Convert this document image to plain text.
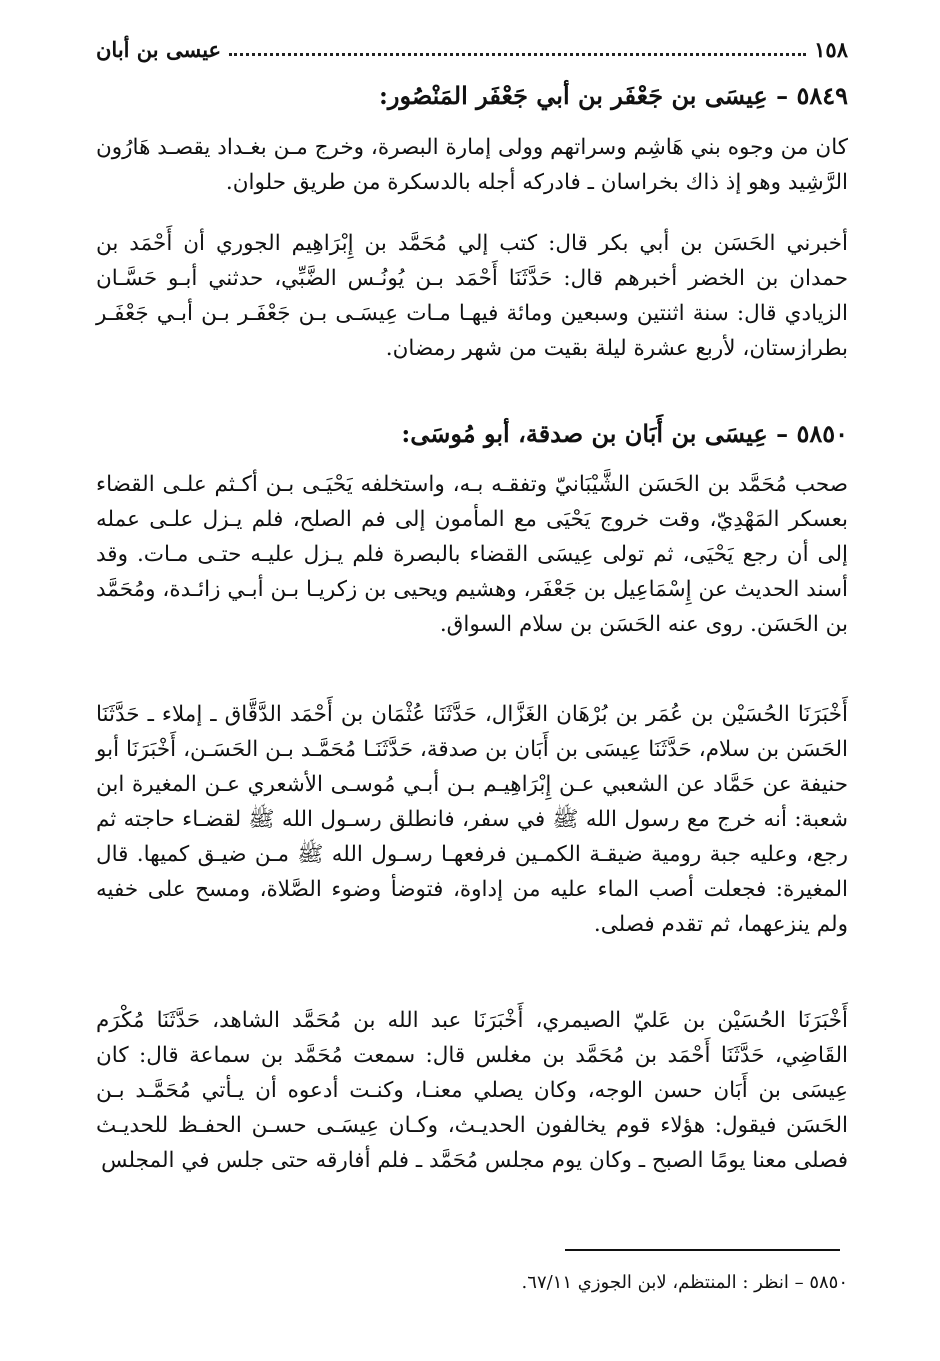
١٥٨
عيسى بن أبان
٥٨٤٩ – عِيسَى بن جَعْفَر بن أبي جَعْفَر المَنْصُور:

كان من وجوه بني هَاشِم وسراتهم وولى إمارة البصرة، وخرج مـن بغـداد يقصـد هَارُون الرَّشِيد وهو إذ ذاك بخراسان ـ فادركه أجله بالدسكرة من طريق حلوان.

أخبرني الحَسَن بن أبي بكر قال: كتب إلي مُحَمَّد بن إِبْرَاهِيم الجوري أن أَحْمَد بن حمدان بن الخضر أخبرهم قال: حَدَّثَنَا أَحْمَد بـن يُونُـس الضَّبِّي، حدثني أبـو حَسَّـان الزيادي قال: سنة اثنتين وسبعين ومائة فيهـا مـات عِيسَـى بـن جَعْفَـر بـن أبـي جَعْفَـر بطرازستان، لأربع عشرة ليلة بقيت من شهر رمضان.

٥٨٥٠ – عِيسَى بن أَبَان بن صدقة، أبو مُوسَى:

صحب مُحَمَّد بن الحَسَن الشَّيْبَانيّ وتفقـه بـه، واستخلفه يَحْيَـى بـن أكـثم علـى القضاء بعسكر المَهْدِيّ، وقت خروج يَحْيَى مع المأمون إلى فم الصلح، فلم يـزل علـى عمله إلى أن رجع يَحْيَى، ثم تولى عِيسَى القضاء بالبصرة فلم يـزل عليـه حتـى مـات. وقد أسند الحديث عن إِسْمَاعِيل بن جَعْفَر، وهشيم ويحيى بن زكريـا بـن أبـي زائـدة، ومُحَمَّد بن الحَسَن. روى عنه الحَسَن بن سلام السواق.

أَخْبَرَنَا الحُسَيْن بن عُمَر بن بُرْهَان الغَزَّال، حَدَّثَنَا عُثْمَان بن أَحْمَد الدَّقَّاق ـ إملاء ـ حَدَّثَنَا الحَسَن بن سلام، حَدَّثَنَا عِيسَى بن أَبَان بن صدقة، حَدَّثَنَـا مُحَمَّـد بـن الحَسَـن، أَخْبَرَنَا أبو حنيفة عن حَمَّاد عن الشعبي عـن إِبْرَاهِيـم بـن أبـي مُوسـى الأشعري عـن المغيرة ابن شعبة: أنه خرج مع رسول الله ﷺ في سفر، فانطلق رسـول الله ﷺ لقضـاء حاجته ثم رجع، وعليه جبة رومية ضيقـة الكمـين فرفعهـا رسـول الله ﷺ مـن ضيـق كميها. قال المغيرة: فجعلت أصب الماء عليه من إداوة، فتوضأ وضوء الصَّلاة، ومسح على خفيه ولم ينزعهما، ثم تقدم فصلى.

أَخْبَرَنَا الحُسَيْن بن عَليّ الصيمري، أَخْبَرَنَا عبد الله بن مُحَمَّد الشاهد، حَدَّثَنَا مُكْرَم القَاضِي، حَدَّثَنَا أَحْمَد بن مُحَمَّد بن مغلس قال: سمعت مُحَمَّد بن سماعة قال: كان عِيسَى بن أَبَان حسن الوجه، وكان يصلي معنـا، وكنـت أدعوه أن يـأتي مُحَمَّـد بـن الحَسَن فيقول: هؤلاء قوم يخالفون الحديـث، وكـان عِيسَـى حسـن الحفـظ للحديـث فصلى معنا يومًا الصبح ـ وكان يوم مجلس مُحَمَّد ـ فلم أفارقه حتى جلس في المجلس

٥٨٥٠ – انظر : المنتظم، لابن الجوزي ٦٧/١١.
